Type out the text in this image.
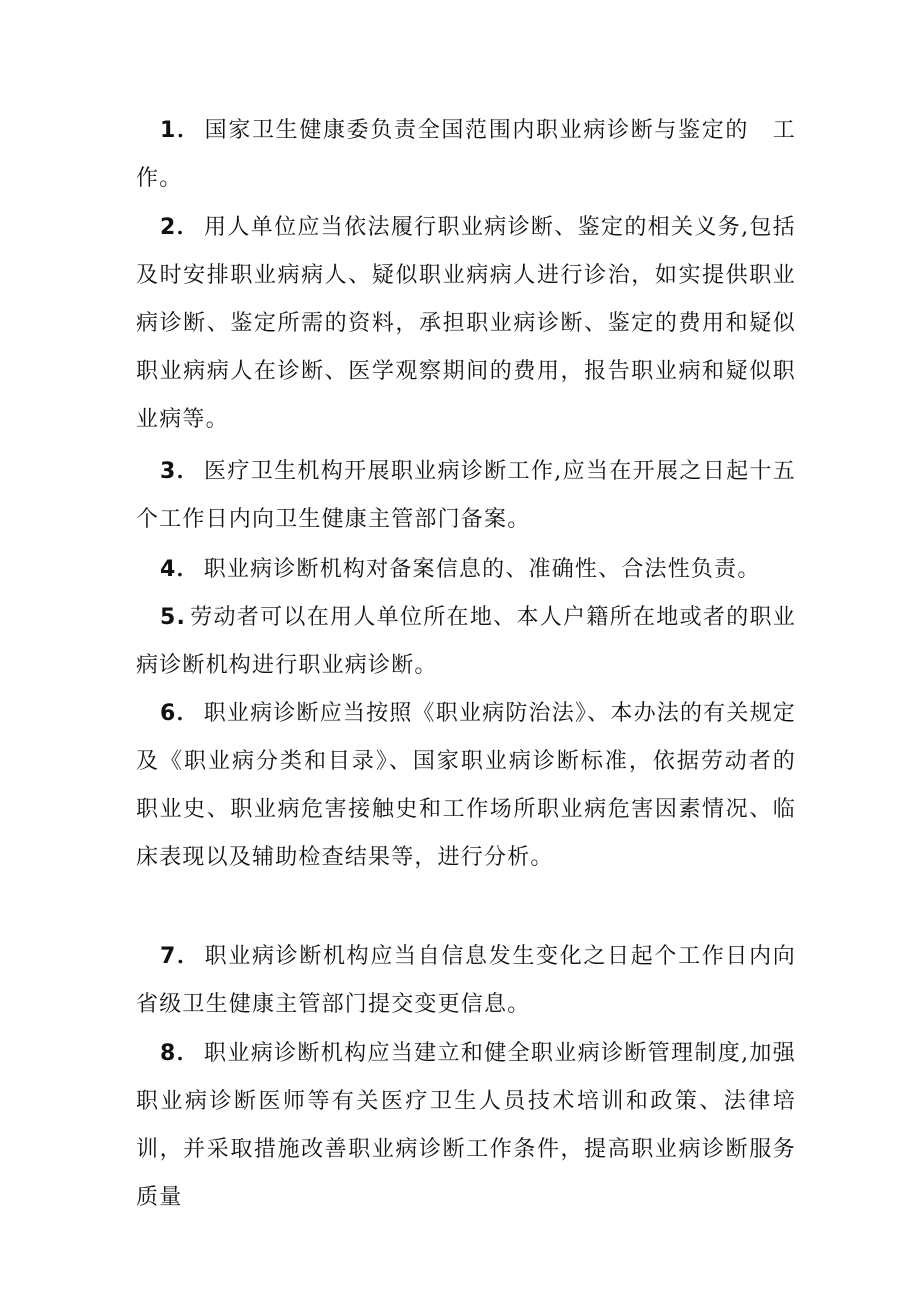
1． 国家卫生健康委负责全国范围内职业病诊断与鉴定的　工作。

2． 用人单位应当依法履行职业病诊断、鉴定的相关义务,包括及时安排职业病病人、疑似职业病病人进行诊治，如实提供职业病诊断、鉴定所需的资料，承担职业病诊断、鉴定的费用和疑似职业病病人在诊断、医学观察期间的费用，报告职业病和疑似职业病等。

3． 医疗卫生机构开展职业病诊断工作,应当在开展之日起十五个工作日内向卫生健康主管部门备案。

4． 职业病诊断机构对备案信息的、准确性、合法性负责。

5. 劳动者可以在用人单位所在地、本人户籍所在地或者的职业病诊断机构进行职业病诊断。

6． 职业病诊断应当按照《职业病防治法》、本办法的有关规定及《职业病分类和目录》、国家职业病诊断标准，依据劳动者的职业史、职业病危害接触史和工作场所职业病危害因素情况、临床表现以及辅助检查结果等，进行分析。

7． 职业病诊断机构应当自信息发生变化之日起个工作日内向省级卫生健康主管部门提交变更信息。

8． 职业病诊断机构应当建立和健全职业病诊断管理制度,加强职业病诊断医师等有关医疗卫生人员技术培训和政策、法律培训，并采取措施改善职业病诊断工作条件，提高职业病诊断服务质量
